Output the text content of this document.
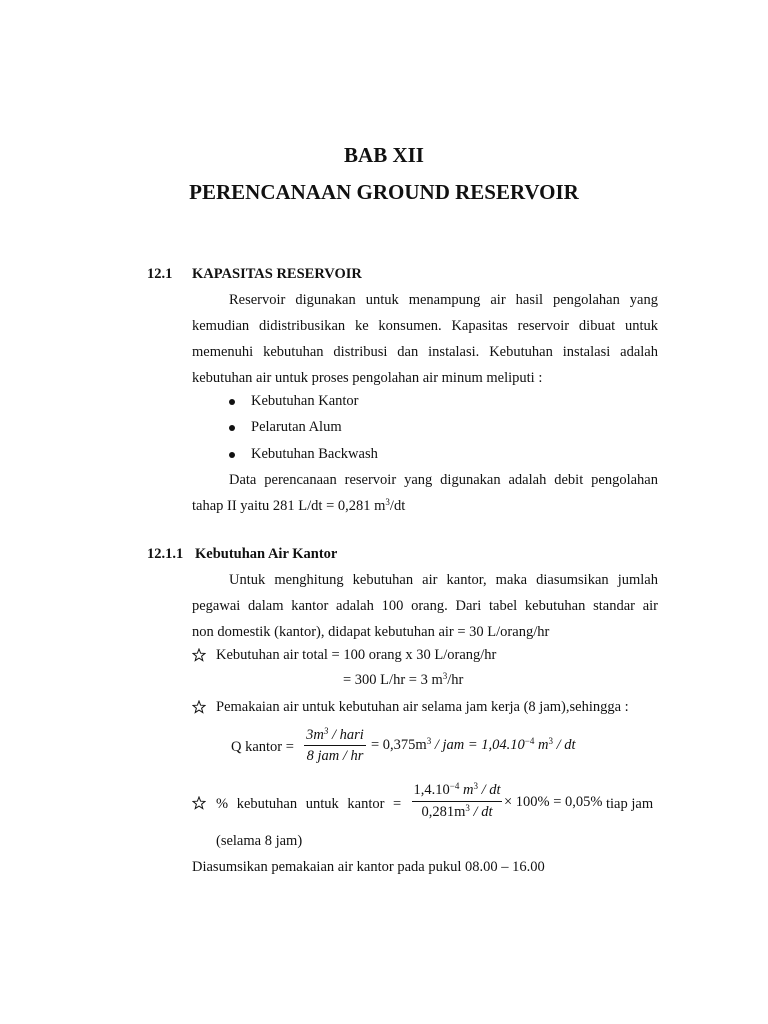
BAB XII
PERENCANAAN GROUND RESERVOIR
12.1 KAPASITAS RESERVOIR
Reservoir digunakan untuk menampung air hasil pengolahan yang
kemudian didistribusikan ke konsumen. Kapasitas reservoir dibuat untuk
memenuhi kebutuhan distribusi dan instalasi. Kebutuhan instalasi adalah
kebutuhan air untuk proses pengolahan air minum meliputi :
Kebutuhan Kantor
Pelarutan Alum
Kebutuhan Backwash
Data perencanaan reservoir yang digunakan adalah debit pengolahan
tahap II yaitu 281 L/dt = 0,281 $m^3/dt$
12.1.1 Kebutuhan Air Kantor
Untuk menghitung kebutuhan air kantor, maka diasumsikan jumlah
pegawai dalam kantor adalah 100 orang. Dari tabel kebutuhan standar air
non domestik (kantor), didapat kebutuhan air = 30 L/orang/hr
Kebutuhan air total = 100 orang x 30 L/orang/hr
= 300 L/hr = 3 $m^3/hr$
Pemakaian air untuk kebutuhan air selama jam kerja (8 jam),sehingga :
Q kantor =
$3m^3$ / hari
8 jam / hr
= $0,375m^3$ / jam = $1,04.10^{-4}$ $m^3$ / dt
% kebutuhan untuk kantor =
$1,4.10^{-4}$ $m^3$ / dt
$0,281m^3$ / dt
× 100% = 0,05% tiap jam
(selama 8 jam)
Diasumsikan pemakaian air kantor pada pukul 08.00 – 16.00
